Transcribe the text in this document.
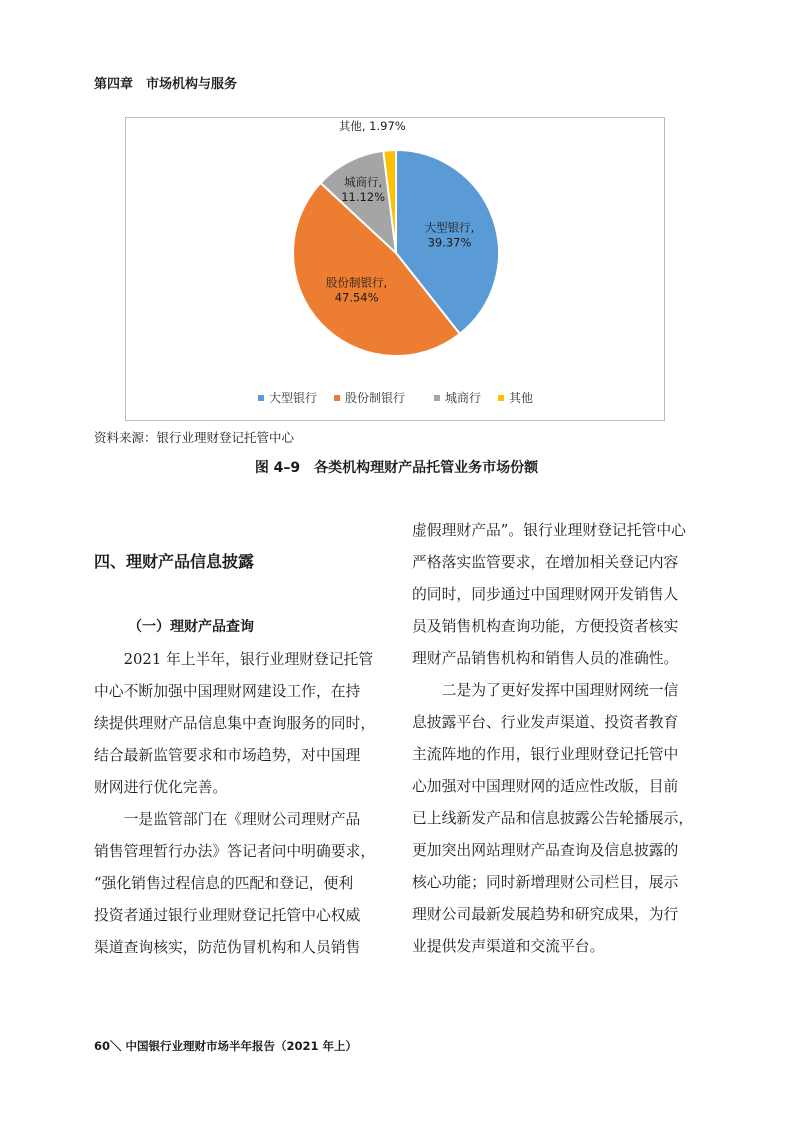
第四章　市场机构与服务
大型银行, 39.37%
股份制银行, 47.54%
城商行, 11.12%
其他, 1.97%
大型银行 股份制银行	城商行 其他
资料来源：银行业理财登记托管中心
图 4–9　各类机构理财产品托管业务市场份额
四、理财产品信息披露
（一）理财产品查询
　　2021 年上半年，银行业理财登记托管
中心不断加强中国理财网建设工作，在持
续提供理财产品信息集中查询服务的同时，
结合最新监管要求和市场趋势，对中国理
财网进行优化完善。
　　一是监管部门在《理财公司理财产品
销售管理暂行办法》答记者问中明确要求，
“强化销售过程信息的匹配和登记，便利
投资者通过银行业理财登记托管中心权威
渠道查询核实，防范伪冒机构和人员销售
虚假理财产品”。银行业理财登记托管中心
严格落实监管要求，在增加相关登记内容
的同时，同步通过中国理财网开发销售人
员及销售机构查询功能，方便投资者核实
理财产品销售机构和销售人员的准确性。
　　二是为了更好发挥中国理财网统一信
息披露平台、行业发声渠道、投资者教育
主流阵地的作用，银行业理财登记托管中
心加强对中国理财网的适应性改版，目前
已上线新发产品和信息披露公告轮播展示，
更加突出网站理财产品查询及信息披露的
核心功能；同时新增理财公司栏目，展示
理财公司最新发展趋势和研究成果，为行
业提供发声渠道和交流平台。
60＼ 中国银行业理财市场半年报告（2021 年上）
